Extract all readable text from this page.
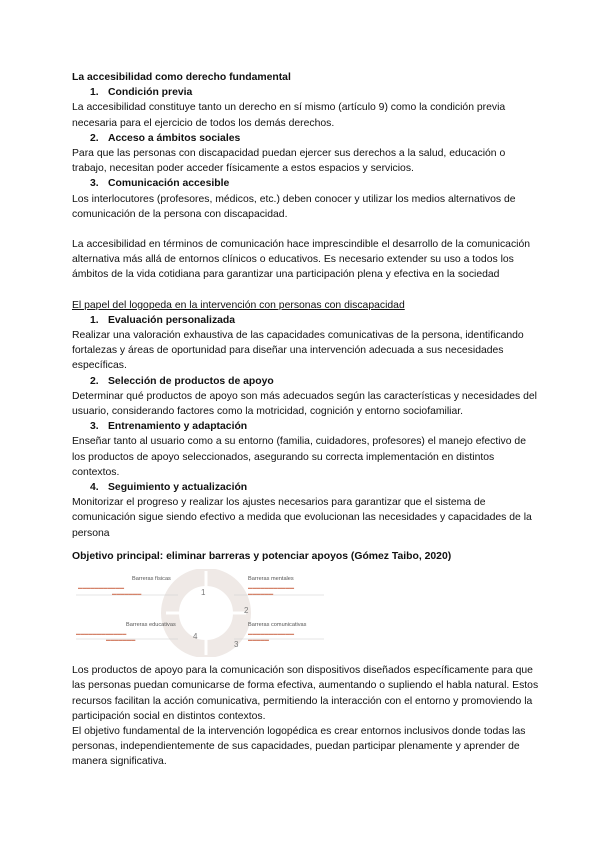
La accesibilidad como derecho fundamental

1. Condición previa

La accesibilidad constituye tanto un derecho en sí mismo (artículo 9) como la condición previa necesaria para el ejercicio de todos los demás derechos.

2. Acceso a ámbitos sociales

Para que las personas con discapacidad puedan ejercer sus derechos a la salud, educación o trabajo, necesitan poder acceder físicamente a estos espacios y servicios.

3. Comunicación accesible

Los interlocutores (profesores, médicos, etc.) deben conocer y utilizar los medios alternativos de comunicación de la persona con discapacidad.

La accesibilidad en términos de comunicación hace imprescindible el desarrollo de la comunicación alternativa más allá de entornos clínicos o educativos. Es necesario extender su uso a todos los ámbitos de la vida cotidiana para garantizar una participación plena y efectiva en la sociedad

El papel del logopeda en la intervención con personas con discapacidad

1. Evaluación personalizada

Realizar una valoración exhaustiva de las capacidades comunicativas de la persona, identificando fortalezas y áreas de oportunidad para diseñar una intervención adecuada a sus necesidades específicas.

2. Selección de productos de apoyo

Determinar qué productos de apoyo son más adecuados según las características y necesidades del usuario, considerando factores como la motricidad, cognición y entorno sociofamiliar.

3. Entrenamiento y adaptación

Enseñar tanto al usuario como a su entorno (familia, cuidadores, profesores) el manejo efectivo de los productos de apoyo seleccionados, asegurando su correcta implementación en distintos contextos.

4. Seguimiento y actualización

Monitorizar el progreso y realizar los ajustes necesarios para garantizar que el sistema de comunicación sigue siendo efectivo a medida que evolucionan las necesidades y capacidades de la persona

Objetivo principal: eliminar barreras y potenciar apoyos (Gómez Taibo, 2020)

1
2
3
4
Barreras físicas
▬▬▬▬▬▬▬▬▬▬▬
▬▬▬▬▬▬▬
Barreras mentales
▬▬▬▬▬▬▬▬▬▬▬
▬▬▬▬▬▬
Barreras educativas
▬▬▬▬▬▬▬▬▬▬▬▬
▬▬▬▬▬▬▬
Barreras comunicativas
▬▬▬▬▬▬▬▬▬▬▬
▬▬▬▬▬

Los productos de apoyo para la comunicación son dispositivos diseñados específicamente para que las personas puedan comunicarse de forma efectiva, aumentando o supliendo el habla natural. Estos recursos facilitan la acción comunicativa, permitiendo la interacción con el entorno y promoviendo la participación social en distintos contextos.

El objetivo fundamental de la intervención logopédica es crear entornos inclusivos donde todas las personas, independientemente de sus capacidades, puedan participar plenamente y aprender de manera significativa.
